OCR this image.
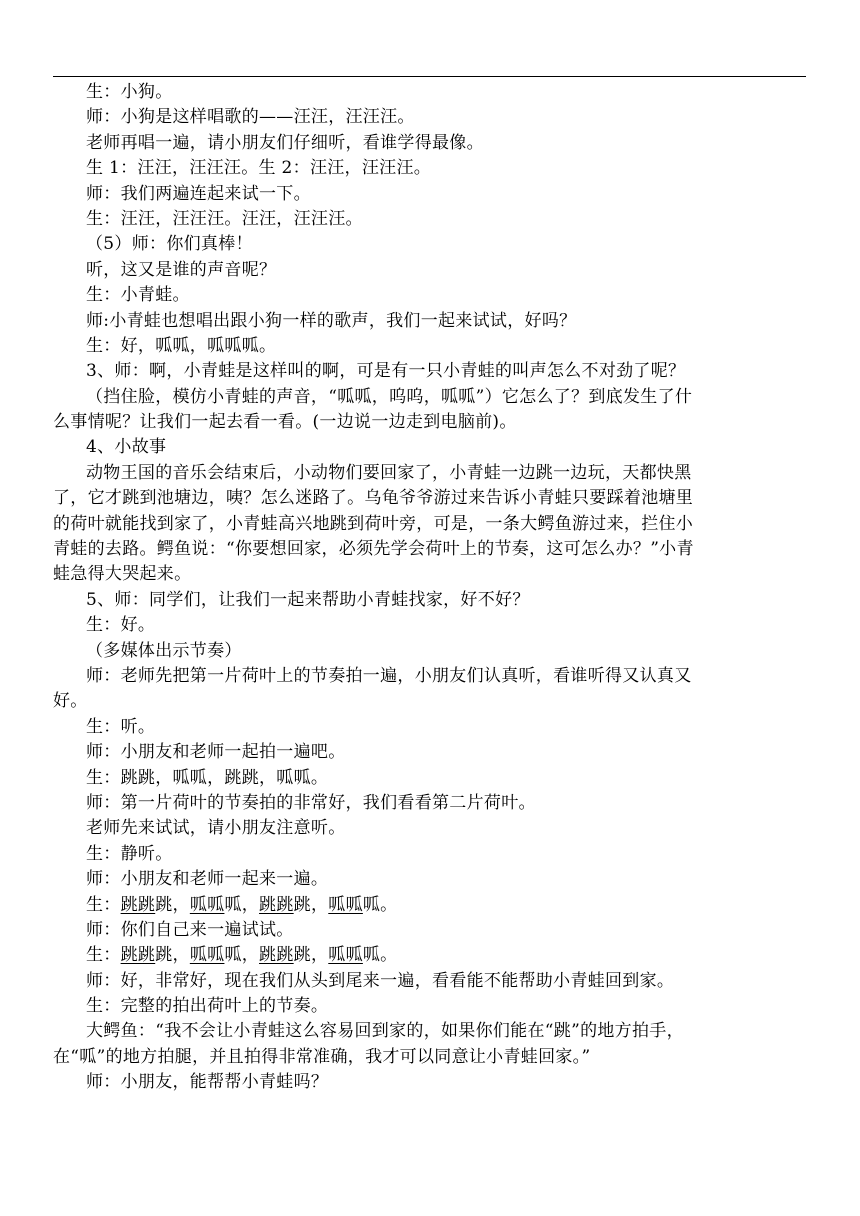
生：小狗。
师：小狗是这样唱歌的——汪汪，汪汪汪。
老师再唱一遍，请小朋友们仔细听，看谁学得最像。
生 1：汪汪，汪汪汪。生 2：汪汪，汪汪汪。
师：我们两遍连起来试一下。
生：汪汪，汪汪汪。汪汪，汪汪汪。
（5）师：你们真棒！
听，这又是谁的声音呢？
生：小青蛙。
师:小青蛙也想唱出跟小狗一样的歌声，我们一起来试试，好吗？
生：好，呱呱，呱呱呱。
3、师：啊，小青蛙是这样叫的啊，可是有一只小青蛙的叫声怎么不对劲了呢？
（挡住脸，模仿小青蛙的声音，“呱呱，呜呜，呱呱”）它怎么了？到底发生了什
么事情呢？让我们一起去看一看。(一边说一边走到电脑前)。
4、小故事
动物王国的音乐会结束后，小动物们要回家了，小青蛙一边跳一边玩，天都快黑
了，它才跳到池塘边，咦？怎么迷路了。乌龟爷爷游过来告诉小青蛙只要踩着池塘里
的荷叶就能找到家了，小青蛙高兴地跳到荷叶旁，可是，一条大鳄鱼游过来，拦住小
青蛙的去路。鳄鱼说：“你要想回家，必须先学会荷叶上的节奏，这可怎么办？”小青
蛙急得大哭起来。
5、师：同学们，让我们一起来帮助小青蛙找家，好不好？
生：好。
（多媒体出示节奏）
师：老师先把第一片荷叶上的节奏拍一遍，小朋友们认真听，看谁听得又认真又
好。
生：听。
师：小朋友和老师一起拍一遍吧。
生：跳跳，呱呱，跳跳，呱呱。
师：第一片荷叶的节奏拍的非常好，我们看看第二片荷叶。
老师先来试试，请小朋友注意听。
生：静听。
师：小朋友和老师一起来一遍。
生：跳跳跳，呱呱呱，跳跳跳，呱呱呱。
师：你们自己来一遍试试。
生：跳跳跳，呱呱呱，跳跳跳，呱呱呱。
师：好，非常好，现在我们从头到尾来一遍，看看能不能帮助小青蛙回到家。
生：完整的拍出荷叶上的节奏。
大鳄鱼：“我不会让小青蛙这么容易回到家的，如果你们能在“跳”的地方拍手，
在“呱”的地方拍腿，并且拍得非常准确，我才可以同意让小青蛙回家。”
师：小朋友，能帮帮小青蛙吗？
